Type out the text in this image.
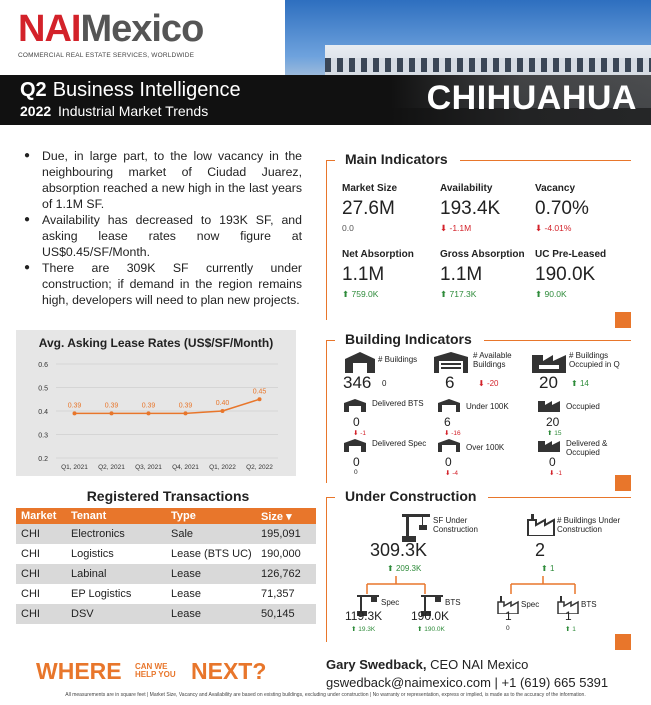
NAIMexico
COMMERCIAL REAL ESTATE SERVICES, WORLDWIDE
Q2 Business Intelligence
2022 Industrial Market Trends	CHIHUAHUA
● Due, in large part, to the low vacancy in the neighbouring market of Ciudad Juarez, absorption reached a new high in the last years of 1.1M SF.
● Availability has decreased to 193K SF, and asking lease rates now figure at US$0.45/SF/Month.
● There are 309K SF currently under construction; if demand in the region remains high, developers will need to plan new projects.
Avg. Asking Lease Rates (US$/SF/Month)
0.2
0.3
0.4
0.5
0.6
0.39
Q1, 2021
0.39
Q2, 2021
0.39
Q3, 2021
0.39
Q4, 2021
0.40
Q1, 2022
0.45
Q2, 2022
Registered Transactions
Market	Tenant	Type	Size ▾
CHI	Electronics	Sale	195,091
CHI	Logistics	Lease (BTS UC)	190,000
CHI	Labinal	Lease	126,762
CHI	EP Logistics	Lease	71,357
CHI	DSV	Lease	50,145
Main Indicators
Market Size
27.6M
0.0
Availability
193.4K
⬇ -1.1M
Vacancy
0.70%
⬇ -4.01%
Net Absorption
1.1M
⬆ 759.0K
Gross Absorption
1.1M
⬆ 717.3K
UC Pre-Leased
190.0K
⬆ 90.0K
Building Indicators
# Buildings
346 0
# Available Buildings
6	⬇ -20
# Buildings Occupied in Q
20 ⬆ 14
Delivered BTS
0
⬇ -1
Under 100K
6
⬇ -16
Occupied
20
⬆ 15
Delivered Spec
0
0
Over 100K
0
⬇ -4
Delivered & Occupied
0
⬇ -1
Under Construction
SF Under Construction
309.3K
⬆ 209.3K
Spec
119.3K
⬆ 19.3K
BTS
190.0K
⬆ 190.0K
# Buildings Under Construction
2
⬆ 1
Spec
1
0
BTS
1
⬆ 1
WHERE CAN WE
HELP YOU NEXT?	Gary Swedback, CEO NAI Mexico
gswedback@naimexico.com | +1 (619) 665 5391
All measurements are in square feet | Market Size, Vacancy and Availability are based on existing buildings, excluding under construction | No warranty or representation, express or implied, is made as to the accuracy of the information.
